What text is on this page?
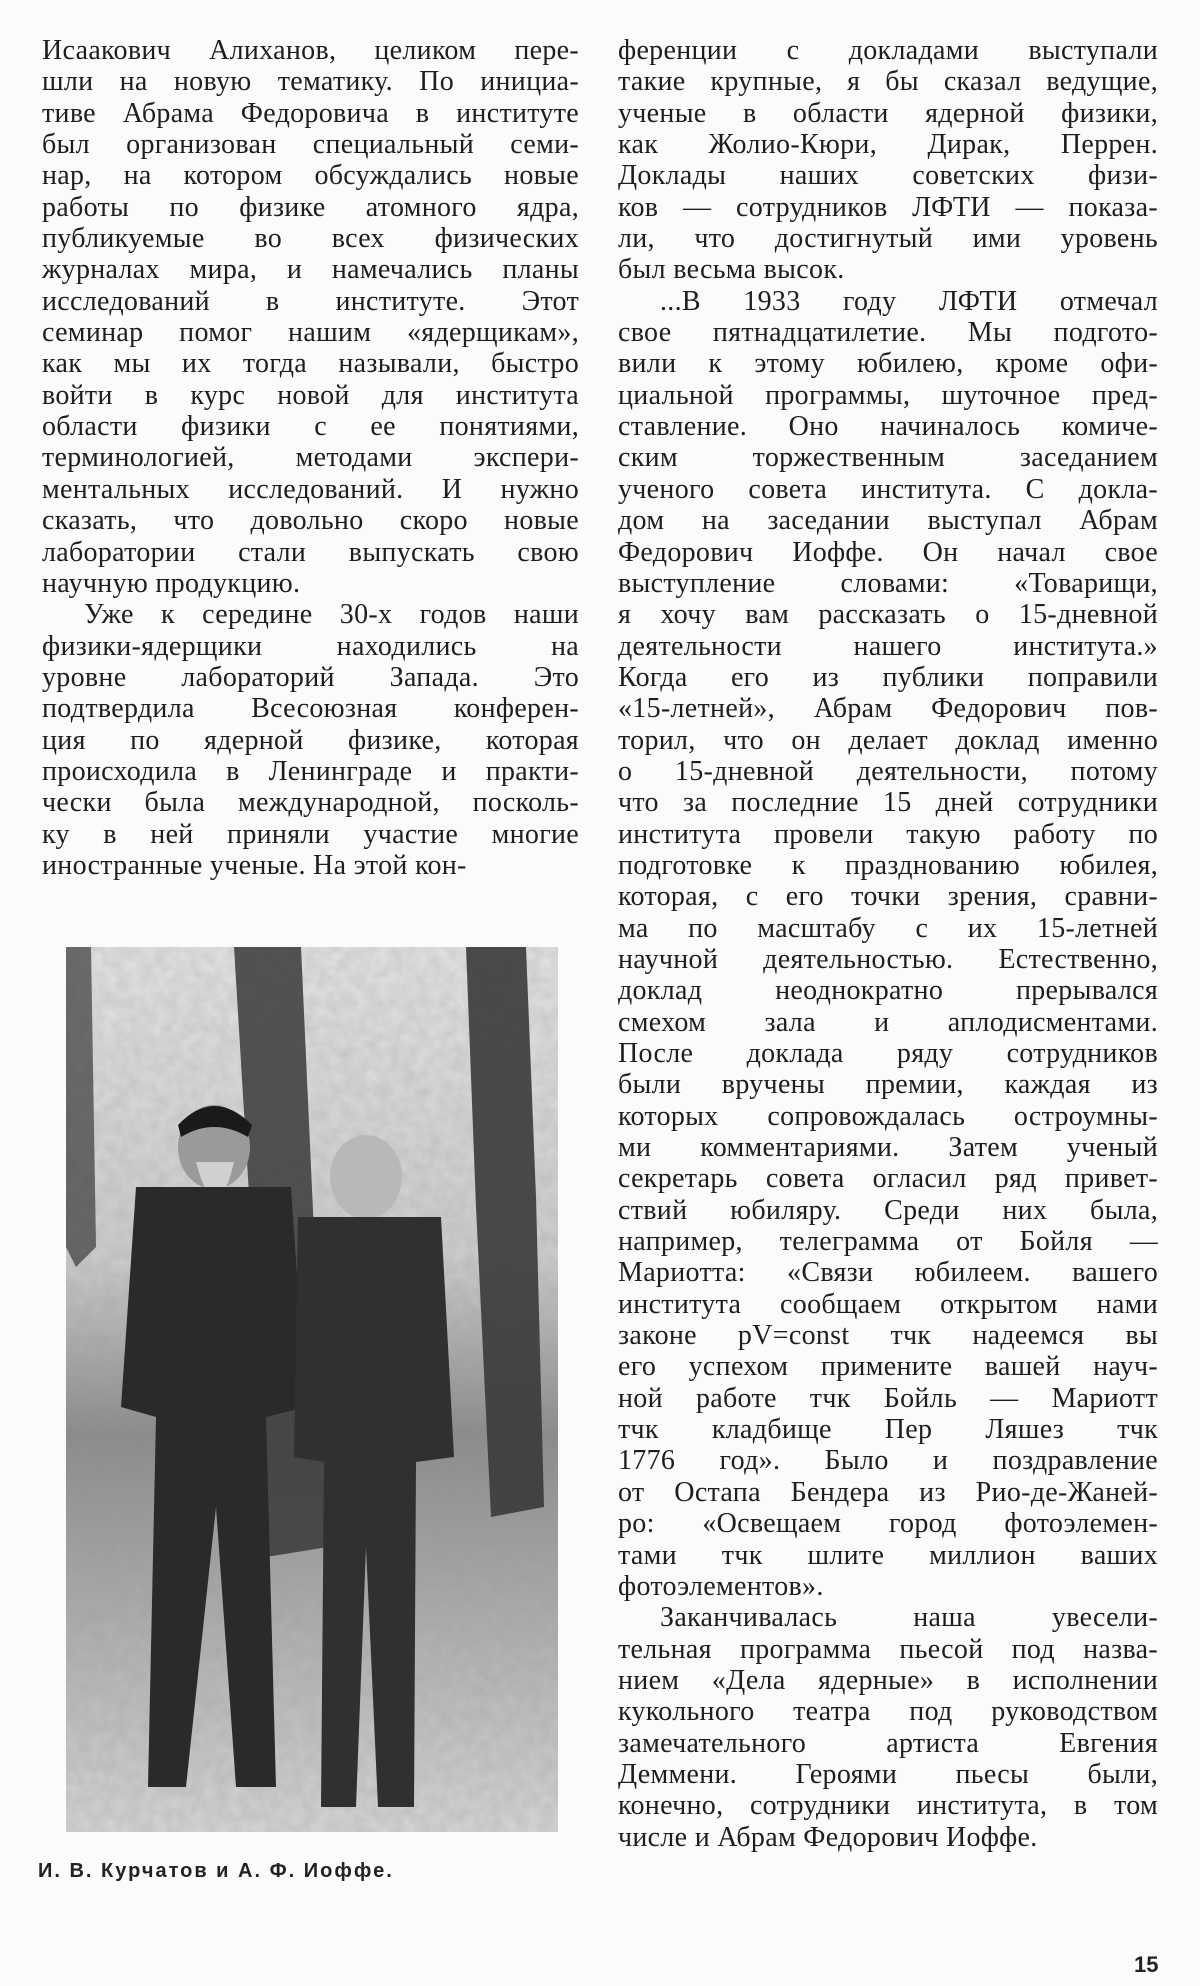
Исаакович Алиханов, целиком пере-
шли на новую тематику. По инициа-
тиве Абрама Федоровича в институте
был организован специальный семи-
нар, на котором обсуждались новые
работы по физике атомного ядра,
публикуемые во всех физических
журналах мира, и намечались планы
исследований в институте. Этот
семинар помог нашим «ядерщикам»,
как мы их тогда называли, быстро
войти в курс новой для института
области физики с ее понятиями,
терминологией, методами экспери-
ментальных исследований. И нужно
сказать, что довольно скоро новые
лаборатории стали выпускать свою
научную продукцию.
Уже к середине 30-х годов наши
физики-ядерщики находились на
уровне лабораторий Запада. Это
подтвердила Всесоюзная конферен-
ция по ядерной физике, которая
происходила в Ленинграде и практи-
чески была международной, посколь-
ку в ней приняли участие многие
иностранные ученые. На этой кон-
ференции с докладами выступали
такие крупные, я бы сказал ведущие,
ученые в области ядерной физики,
как Жолио-Кюри, Дирак, Перрен.
Доклады наших советских физи-
ков — сотрудников ЛФТИ — показа-
ли, что достигнутый ими уровень
был весьма высок.
...В 1933 году ЛФТИ отмечал
свое пятнадцатилетие. Мы подгото-
вили к этому юбилею, кроме офи-
циальной программы, шуточное пред-
ставление. Оно начиналось комиче-
ским торжественным заседанием
ученого совета института. С докла-
дом на заседании выступал Абрам
Федорович Иоффе. Он начал свое
выступление словами: «Товарищи,
я хочу вам рассказать о 15-дневной
деятельности нашего института.»
Когда его из публики поправили
«15-летней», Абрам Федорович пов-
торил, что он делает доклад именно
о 15-дневной деятельности, потому
что за последние 15 дней сотрудники
института провели такую работу по
подготовке к празднованию юбилея,
которая, с его точки зрения, сравни-
ма по масштабу с их 15-летней
научной деятельностью. Естественно,
доклад неоднократно прерывался
смехом зала и аплодисментами.
После доклада ряду сотрудников
были вручены премии, каждая из
которых сопровождалась остроумны-
ми комментариями. Затем ученый
секретарь совета огласил ряд привет-
ствий юбиляру. Среди них была,
например, телеграмма от Бойля —
Мариотта: «Связи юбилеем. вашего
института сообщаем открытом нами
законе pV=const тчк надеемся вы
его успехом примените вашей науч-
ной работе тчк Бойль — Мариотт
тчк кладбище Пер Ляшез тчк
1776 год». Было и поздравление
от Остапа Бендера из Рио-де-Жаней-
ро: «Освещаем город фотоэлемен-
тами тчк шлите миллион ваших
фотоэлементов».
Заканчивалась наша увесели-
тельная программа пьесой под назва-
нием «Дела ядерные» в исполнении
кукольного театра под руководством
замечательного артиста Евгения
Деммени. Героями пьесы были,
конечно, сотрудники института, в том
числе и Абрам Федорович Иоффе.
И. В. Курчатов и А. Ф. Иоффе.
15
